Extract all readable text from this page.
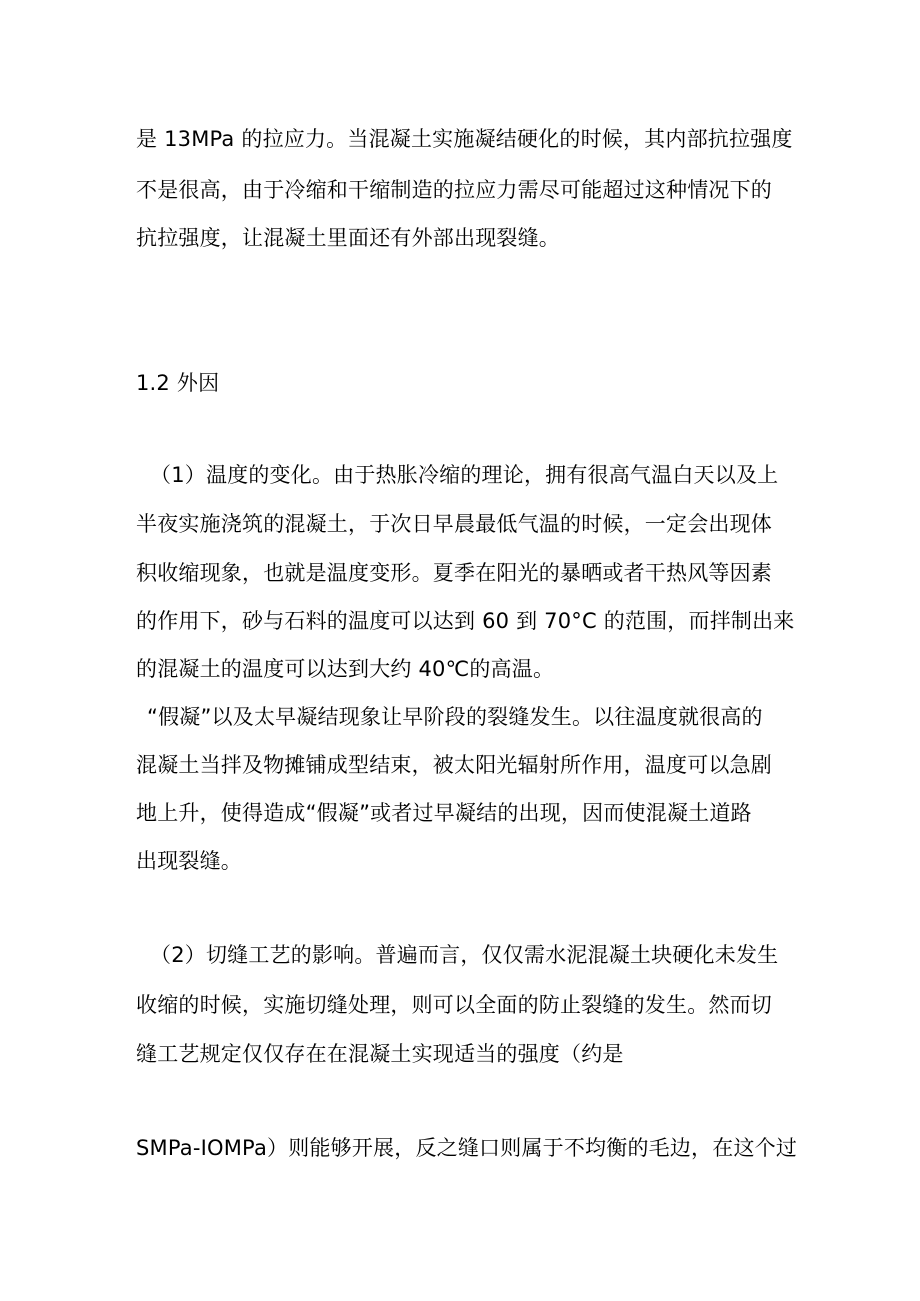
是 13MPa 的拉应力。当混凝土实施凝结硬化的时候，其内部抗拉强度
不是很高，由于冷缩和干缩制造的拉应力需尽可能超过这种情况下的
抗拉强度，让混凝土里面还有外部出现裂缝。
1.2 外因
（1）温度的变化。由于热胀冷缩的理论，拥有很高气温白天以及上
半夜实施浇筑的混凝土，于次日早晨最低气温的时候，一定会出现体
积收缩现象，也就是温度变形。夏季在阳光的暴晒或者干热风等因素
的作用下，砂与石料的温度可以达到 60 到 70°C 的范围，而拌制出来
的混凝土的温度可以达到大约 40℃的高温。
“假凝”以及太早凝结现象让早阶段的裂缝发生。以往温度就很高的
混凝土当拌及物摊铺成型结束，被太阳光辐射所作用，温度可以急剧
地上升，使得造成“假凝”或者过早凝结的出现，因而使混凝土道路
出现裂缝。
（2）切缝工艺的影响。普遍而言，仅仅需水泥混凝土块硬化未发生
收缩的时候，实施切缝处理，则可以全面的防止裂缝的发生。然而切
缝工艺规定仅仅存在在混凝土实现适当的强度（约是
SMPa-IOMPa）则能够开展，反之缝口则属于不均衡的毛边，在这个过
